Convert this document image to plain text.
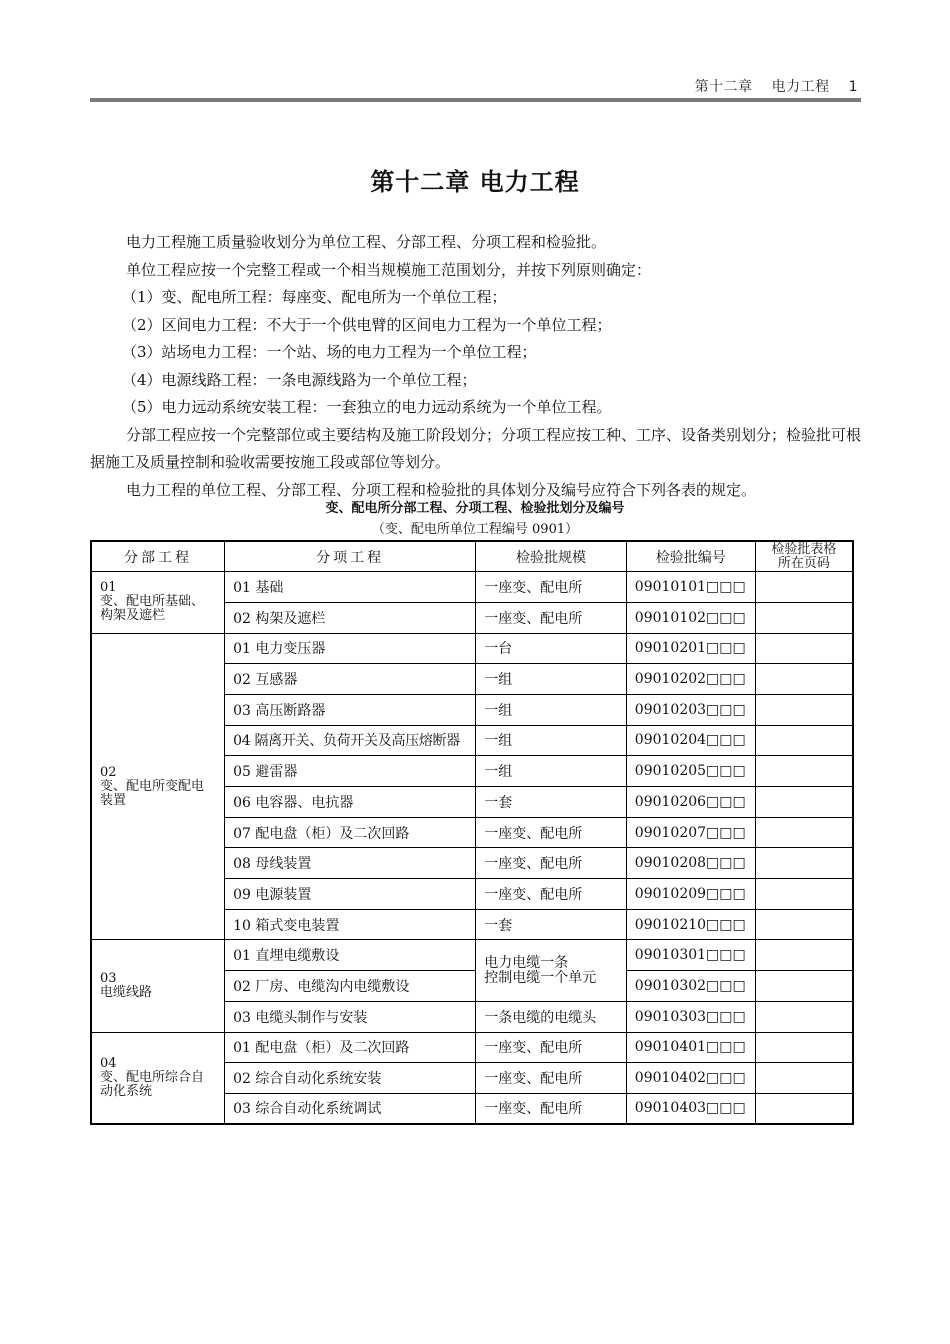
第十二章 电力工程 1
第十二章 电力工程

电力工程施工质量验收划分为单位工程、分部工程、分项工程和检验批。

单位工程应按一个完整工程或一个相当规模施工范围划分，并按下列原则确定：

（1）变、配电所工程：每座变、配电所为一个单位工程；

（2）区间电力工程：不大于一个供电臂的区间电力工程为一个单位工程；

（3）站场电力工程：一个站、场的电力工程为一个单位工程；

（4）电源线路工程：一条电源线路为一个单位工程；

（5）电力远动系统安装工程：一套独立的电力远动系统为一个单位工程。

分部工程应按一个完整部位或主要结构及施工阶段划分；分项工程应按工种、工序、设备类别划分；检验批可根据施工及质量控制和验收需要按施工段或部位等划分。

电力工程的单位工程、分部工程、分项工程和检验批的具体划分及编号应符合下列各表的规定。

变、配电所分部工程、分项工程、检验批划分及编号
（变、配电所单位工程编号 0901）
分部工程	分项工程	检验批规模	检验批编号	检验批表格
所在页码
01
变、配电所基础、构架及遮栏	01 基础	一座变、配电所	09010101□□□	
	02 构架及遮栏	一座变、配电所	09010102□□□	
02
变、配电所变配电装置	01 电力变压器	一台	09010201□□□	
	02 互感器	一组	09010202□□□	
	03 高压断路器	一组	09010203□□□	
	04 隔离开关、负荷开关及高压熔断器	一组	09010204□□□	
	05 避雷器	一组	09010205□□□	
	06 电容器、电抗器	一套	09010206□□□	
	07 配电盘（柜）及二次回路	一座变、配电所	09010207□□□	
	08 母线装置	一座变、配电所	09010208□□□	
	09 电源装置	一座变、配电所	09010209□□□	
	10 箱式变电装置	一套	09010210□□□	
03
电缆线路	01 直埋电缆敷设	电力电缆一条
控制电缆一个单元	09010301□□□	
	02 厂房、电缆沟内电缆敷设		09010302□□□	
	03 电缆头制作与安装	一条电缆的电缆头	09010303□□□	
04
变、配电所综合自动化系统	01 配电盘（柜）及二次回路	一座变、配电所	09010401□□□	
	02 综合自动化系统安装	一座变、配电所	09010402□□□	
	03 综合自动化系统调试	一座变、配电所	09010403□□□	
